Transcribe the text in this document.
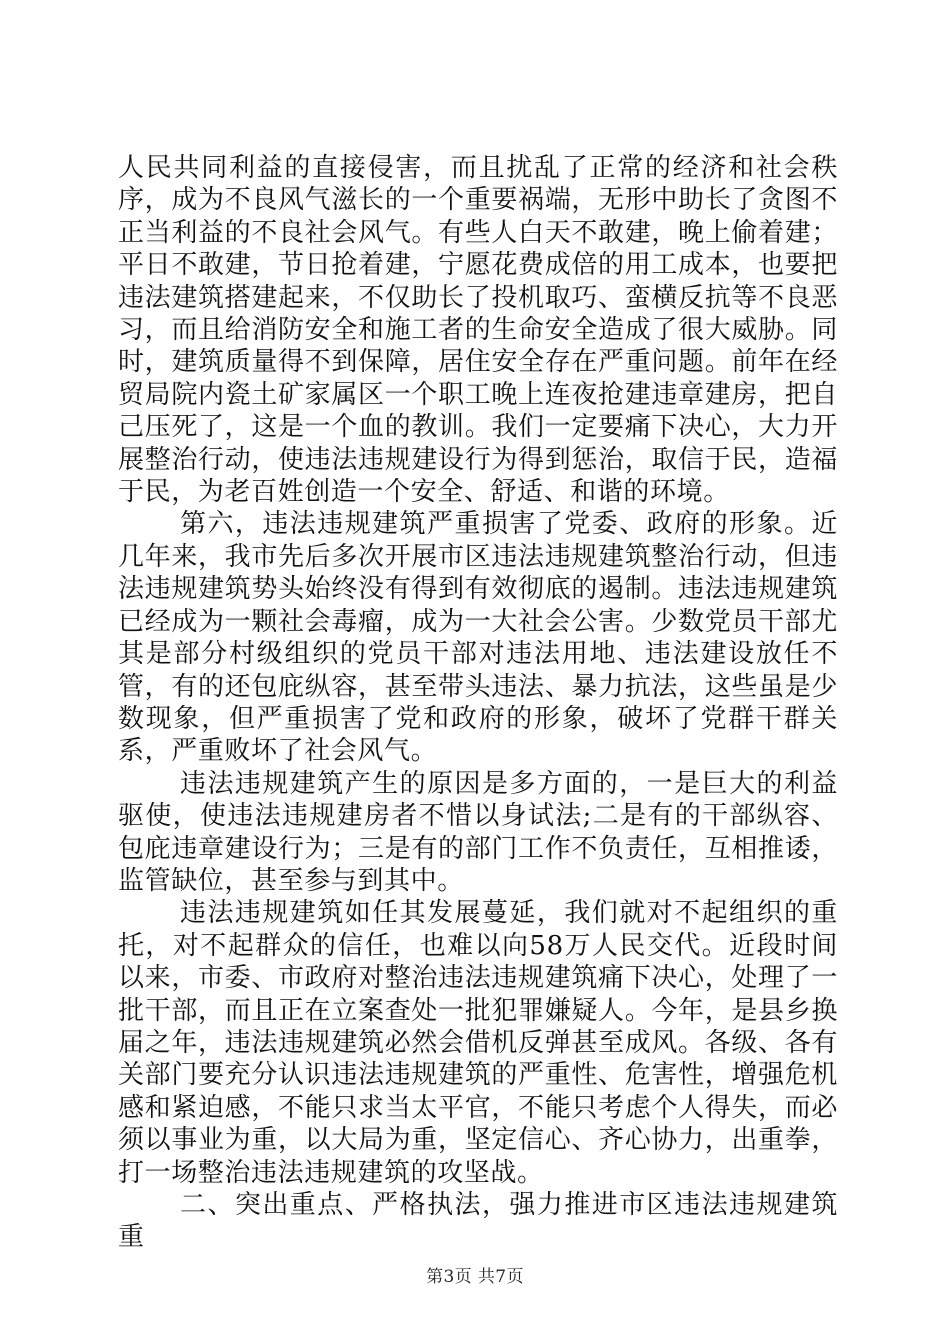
人民共同利益的直接侵害，而且扰乱了正常的经济和社会秩序，成为不良风气滋长的一个重要祸端，无形中助长了贪图不正当利益的不良社会风气。有些人白天不敢建，晚上偷着建；平日不敢建，节日抢着建，宁愿花费成倍的用工成本，也要把违法建筑搭建起来，不仅助长了投机取巧、蛮横反抗等不良恶习，而且给消防安全和施工者的生命安全造成了很大威胁。同时，建筑质量得不到保障，居住安全存在严重问题。前年在经贸局院内瓷土矿家属区一个职工晚上连夜抢建违章建房，把自己压死了，这是一个血的教训。我们一定要痛下决心，大力开展整治行动，使违法违规建设行为得到惩治，取信于民，造福于民，为老百姓创造一个安全、舒适、和谐的环境。

第六，违法违规建筑严重损害了党委、政府的形象。近几年来，我市先后多次开展市区违法违规建筑整治行动，但违法违规建筑势头始终没有得到有效彻底的遏制。违法违规建筑已经成为一颗社会毒瘤，成为一大社会公害。少数党员干部尤其是部分村级组织的党员干部对违法用地、违法建设放任不管，有的还包庇纵容，甚至带头违法、暴力抗法，这些虽是少数现象，但严重损害了党和政府的形象，破坏了党群干群关系，严重败坏了社会风气。

违法违规建筑产生的原因是多方面的，一是巨大的利益驱使，使违法违规建房者不惜以身试法;二是有的干部纵容、包庇违章建设行为；三是有的部门工作不负责任，互相推诿，监管缺位，甚至参与到其中。

违法违规建筑如任其发展蔓延，我们就对不起组织的重托，对不起群众的信任，也难以向58万人民交代。近段时间以来，市委、市政府对整治违法违规建筑痛下决心，处理了一批干部，而且正在立案查处一批犯罪嫌疑人。今年，是县乡换届之年，违法违规建筑必然会借机反弹甚至成风。各级、各有关部门要充分认识违法违规建筑的严重性、危害性，增强危机感和紧迫感，不能只求当太平官，不能只考虑个人得失，而必须以事业为重，以大局为重，坚定信心、齐心协力，出重拳，打一场整治违法违规建筑的攻坚战。

二、突出重点、严格执法，强力推进市区违法违规建筑重

第3页 共7页
